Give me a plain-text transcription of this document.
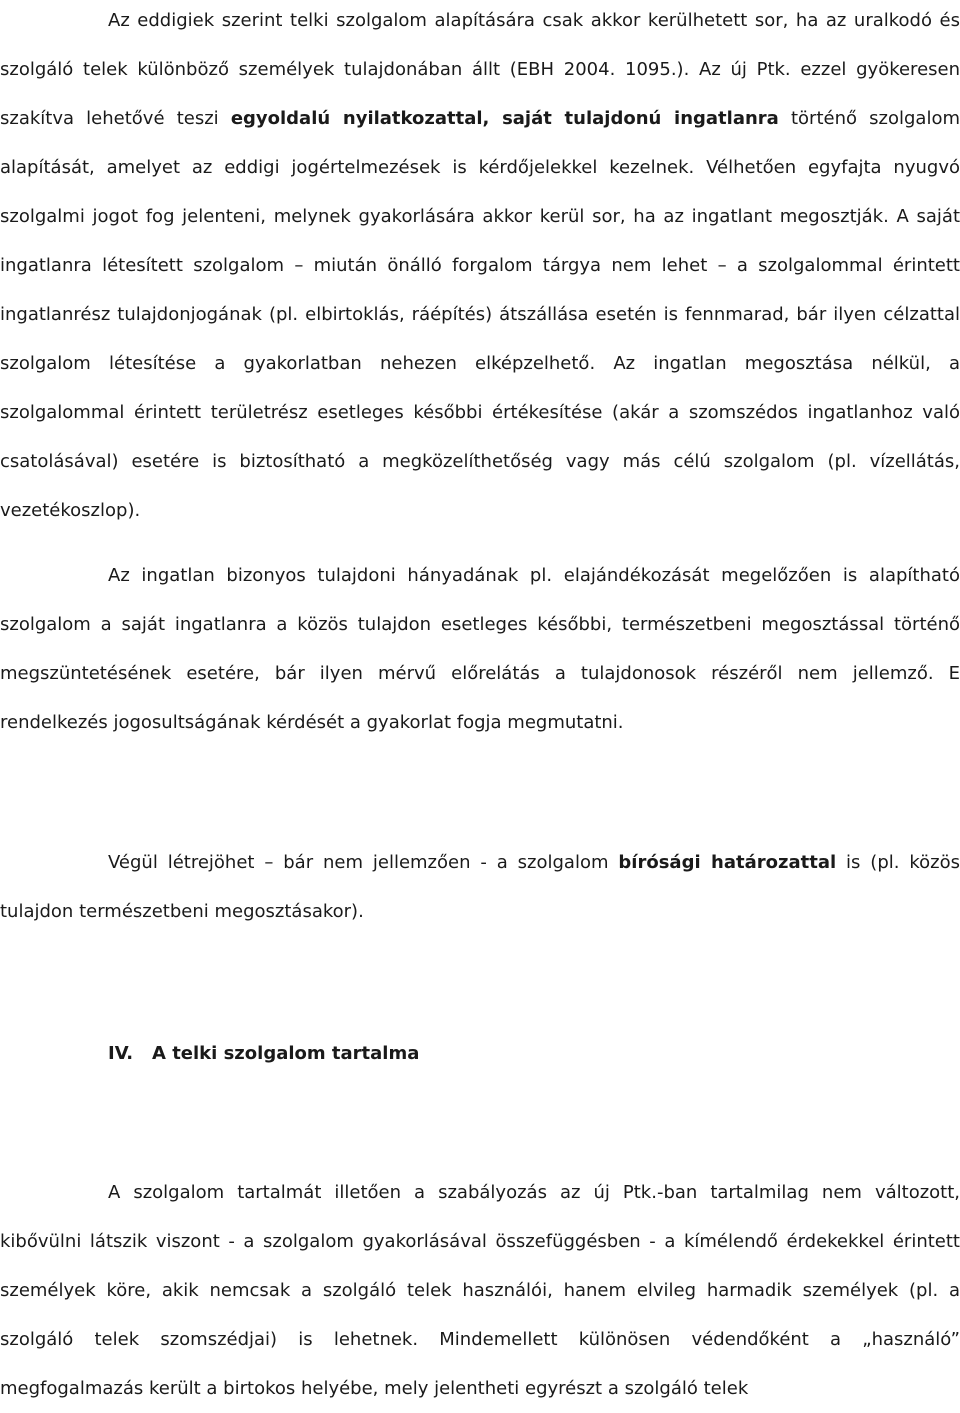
Az eddigiek szerint telki szolgalom alapítására csak akkor kerülhetett sor, ha az uralkodó és szolgáló telek különböző személyek tulajdonában állt (EBH 2004. 1095.). Az új Ptk. ezzel gyökeresen szakítva lehetővé teszi egyoldalú nyilatkozattal, saját tulajdonú ingatlanra történő szolgalom alapítását, amelyet az eddigi jogértelmezések is kérdőjelekkel kezelnek. Vélhetően egyfajta nyugvó szolgalmi jogot fog jelenteni, melynek gyakorlására akkor kerül sor, ha az ingatlant megosztják. A saját ingatlanra létesített szolgalom – miután önálló forgalom tárgya nem lehet – a szolgalommal érintett ingatlanrész tulajdonjogának (pl. elbirtoklás, ráépítés) átszállása esetén is fennmarad, bár ilyen célzattal szolgalom létesítése a gyakorlatban nehezen elképzelhető. Az ingatlan megosztása nélkül, a szolgalommal érintett területrész esetleges későbbi értékesítése (akár a szomszédos ingatlanhoz való csatolásával) esetére is biztosítható a megközelíthetőség vagy más célú szolgalom (pl. vízellátás, vezetékoszlop).

Az ingatlan bizonyos tulajdoni hányadának pl. elajándékozását megelőzően is alapítható szolgalom a saját ingatlanra a közös tulajdon esetleges későbbi, természetbeni megosztással történő megszüntetésének esetére, bár ilyen mérvű előrelátás a tulajdonosok részéről nem jellemző. E rendelkezés jogosultságának kérdését a gyakorlat fogja megmutatni.

Végül létrejöhet – bár nem jellemzően - a szolgalom bírósági határozattal is (pl. közös tulajdon természetbeni megosztásakor).

IV. A telki szolgalom tartalma

A szolgalom tartalmát illetően a szabályozás az új Ptk.-ban tartalmilag nem változott, kibővülni látszik viszont - a szolgalom gyakorlásával összefüggésben - a kímélendő érdekekkel érintett személyek köre, akik nemcsak a szolgáló telek használói, hanem elvileg harmadik személyek (pl. a szolgáló telek szomszédjai) is lehetnek. Mindemellett különösen védendőként a „használó” megfogalmazás került a birtokos helyébe, mely jelentheti egyrészt a szolgáló telek
